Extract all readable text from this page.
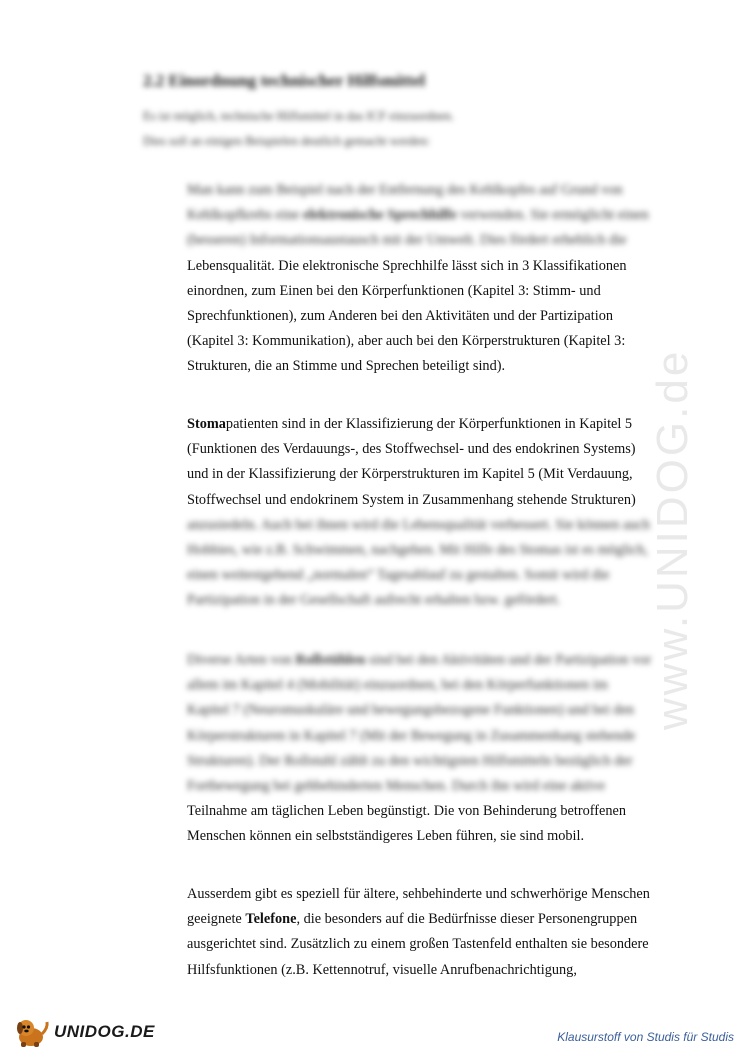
www.UNIDOG.de
2.2 Einordnung technischer Hilfsmittel
Es ist möglich, technische Hilfsmittel in das ICF einzuordnen.
Dies soll an einigen Beispielen deutlich gemacht werden:
Man kann zum Beispiel nach der Entfernung des Kehlkopfes auf Grund von
Kehlkopfkrebs eine elektronische Sprechhilfe verwenden. Sie ermöglicht einen
(besseren) Informationsaustausch mit der Umwelt. Dies fördert erheblich die
Lebensqualität. Die elektronische Sprechhilfe lässt sich in 3 Klassifikationen
einordnen, zum Einen bei den Körperfunktionen (Kapitel 3: Stimm- und
Sprechfunktionen), zum Anderen bei den Aktivitäten und der Partizipation
(Kapitel 3: Kommunikation), aber auch bei den Körperstrukturen (Kapitel 3:
Strukturen, die an Stimme und Sprechen beteiligt sind).
Stomapatienten sind in der Klassifizierung der Körperfunktionen in Kapitel 5
(Funktionen des Verdauungs-, des Stoffwechsel- und des endokrinen Systems)
und in der Klassifizierung der Körperstrukturen im Kapitel 5 (Mit Verdauung,
Stoffwechsel und endokrinem System in Zusammenhang stehende Strukturen)
anzusiedeln. Auch bei ihnen wird die Lebensqualität verbessert. Sie können auch
Hobbies, wie z.B. Schwimmen, nachgehen. Mit Hilfe des Stomas ist es möglich,
einen weitestgehend „normalen“ Tagesablauf zu gestalten. Somit wird die
Partizipation in der Gesellschaft aufrecht erhalten bzw. gefördert.
Diverse Arten von Rollstühlen sind bei den Aktivitäten und der Partizipation vor
allem im Kapitel 4 (Mobilität) einzuordnen, bei den Körperfunktionen im
Kapitel 7 (Neuromuskuläre und bewegungsbezogene Funktionen) und bei den
Körperstrukturen in Kapitel 7 (Mit der Bewegung in Zusammenhang stehende
Strukturen). Der Rollstuhl zählt zu den wichtigsten Hilfsmitteln bezüglich der
Fortbewegung bei gehbehinderten Menschen. Durch ihn wird eine aktive
Teilnahme am täglichen Leben begünstigt. Die von Behinderung betroffenen
Menschen können ein selbstständigeres Leben führen, sie sind mobil.
Ausserdem gibt es speziell für ältere, sehbehinderte und schwerhörige Menschen
geeignete Telefone, die besonders auf die Bedürfnisse dieser Personengruppen
ausgerichtet sind. Zusätzlich zu einem großen Tastenfeld enthalten sie besondere
Hilfsfunktionen (z.B. Kettennotruf, visuelle Anrufbenachrichtigung,
UNIDOG.DE	Klausurstoff von Studis für Studis
